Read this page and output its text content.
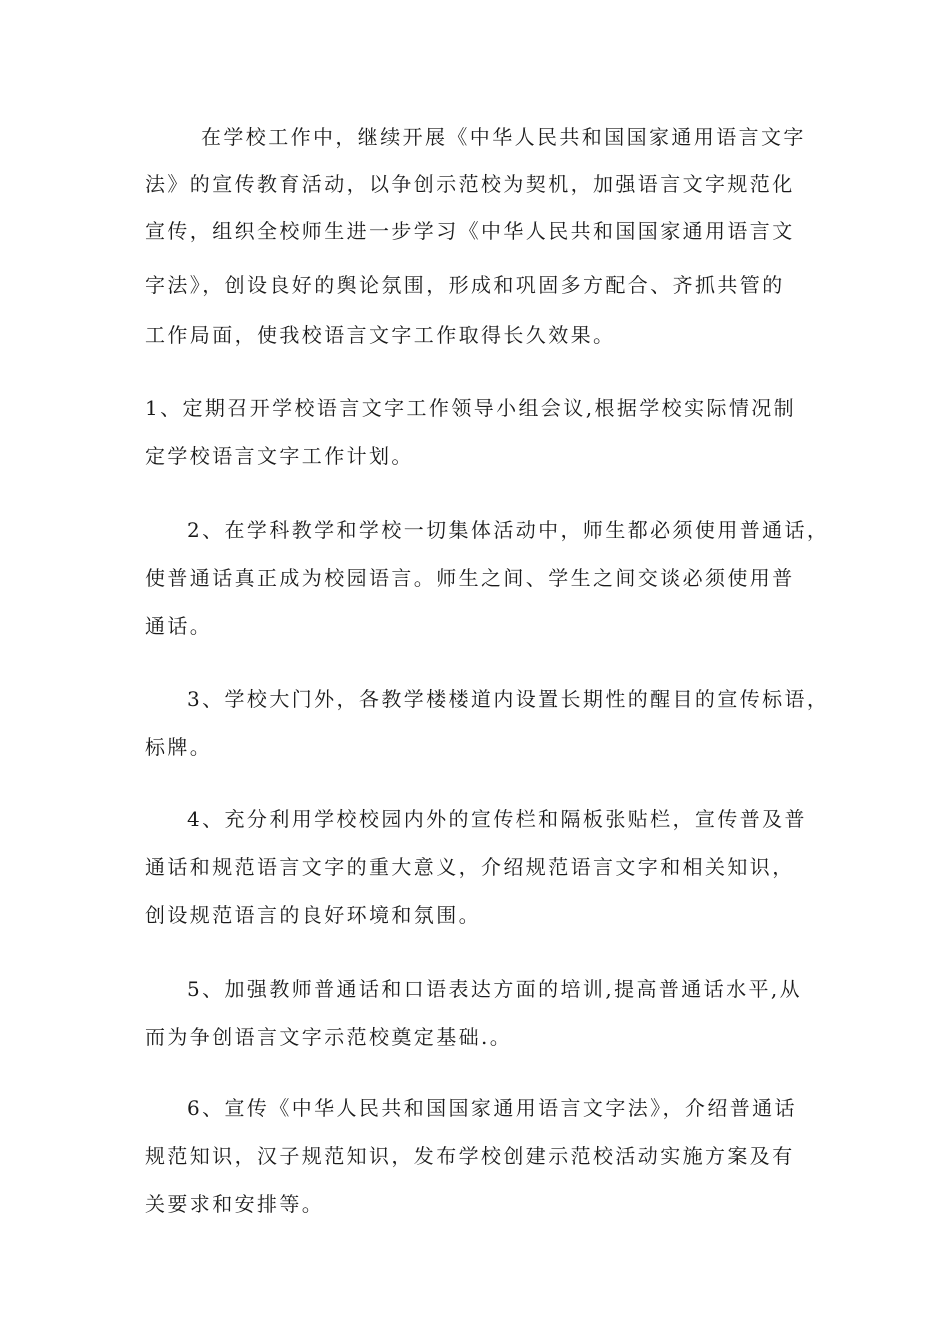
在学校工作中，继续开展《中华人民共和国国家通用语言文字
法》的宣传教育活动，以争创示范校为契机，加强语言文字规范化
宣传，组织全校师生进一步学习《中华人民共和国国家通用语言文
字法》，创设良好的舆论氛围，形成和巩固多方配合、齐抓共管的
工作局面，使我校语言文字工作取得长久效果。
1、定期召开学校语言文字工作领导小组会议,根据学校实际情况制
定学校语言文字工作计划。
2、在学科教学和学校一切集体活动中，师生都必须使用普通话，
使普通话真正成为校园语言。师生之间、学生之间交谈必须使用普
通话。
3、学校大门外，各教学楼楼道内设置长期性的醒目的宣传标语，
标牌。
4、充分利用学校校园内外的宣传栏和隔板张贴栏，宣传普及普
通话和规范语言文字的重大意义，介绍规范语言文字和相关知识，
创设规范语言的良好环境和氛围。
5、加强教师普通话和口语表达方面的培训,提高普通话水平,从
而为争创语言文字示范校奠定基础.。
6、宣传《中华人民共和国国家通用语言文字法》，介绍普通话
规范知识，汉子规范知识，发布学校创建示范校活动实施方案及有
关要求和安排等。
